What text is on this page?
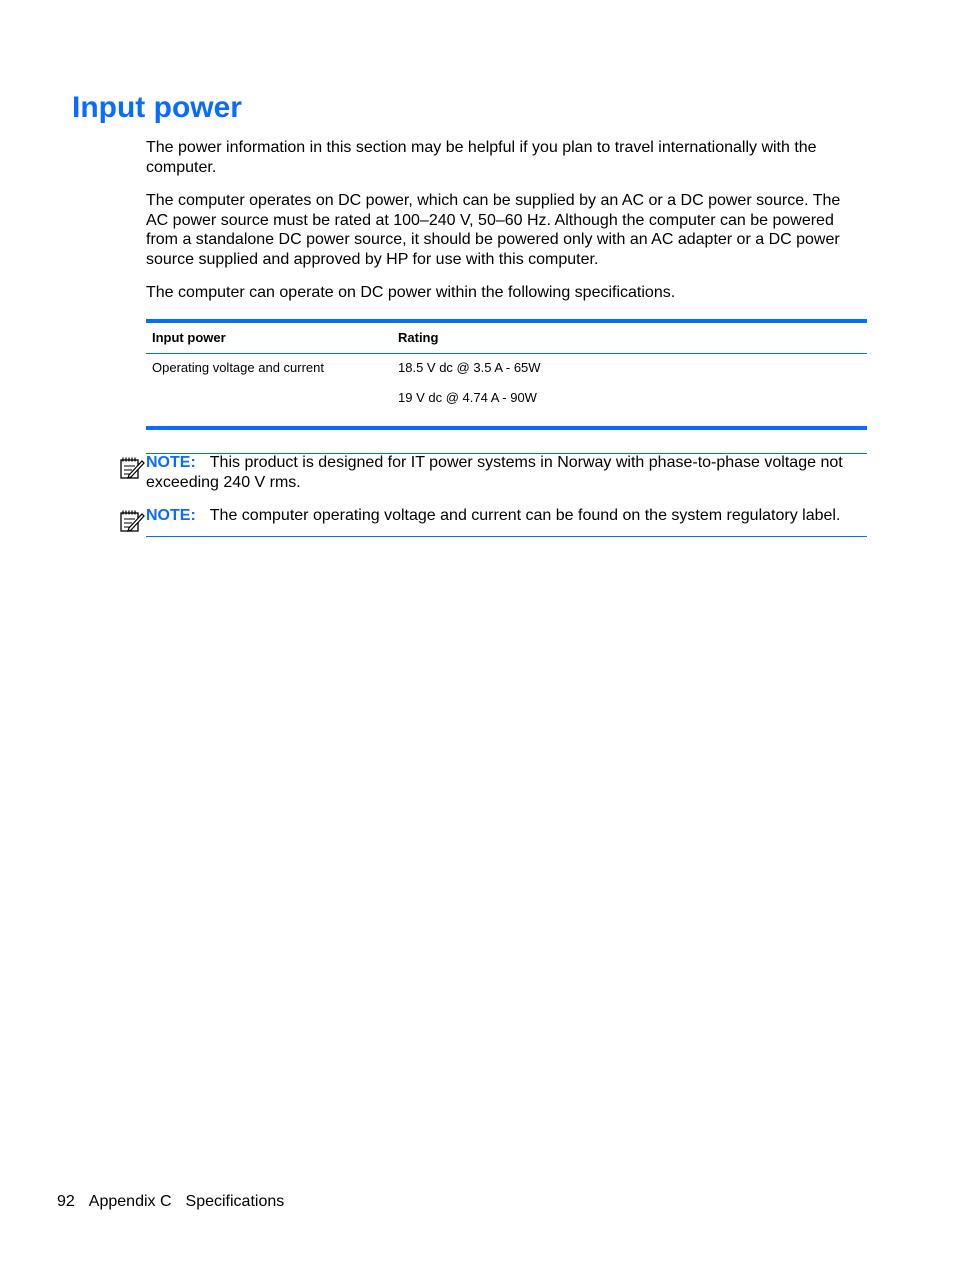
Input power

The power information in this section may be helpful if you plan to travel internationally with the computer.

The computer operates on DC power, which can be supplied by an AC or a DC power source. The AC power source must be rated at 100–240 V, 50–60 Hz. Although the computer can be powered from a standalone DC power source, it should be powered only with an AC adapter or a DC power source supplied and approved by HP for use with this computer.

The computer can operate on DC power within the following specifications.

Input power	Rating
Operating voltage and current	18.5 V dc @ 3.5 A - 65W
19 V dc @ 4.74 A - 90W
NOTE: This product is designed for IT power systems in Norway with phase-to-phase voltage not exceeding 240 V rms.
NOTE: The computer operating voltage and current can be found on the system regulatory label.
92 Appendix C Specifications
